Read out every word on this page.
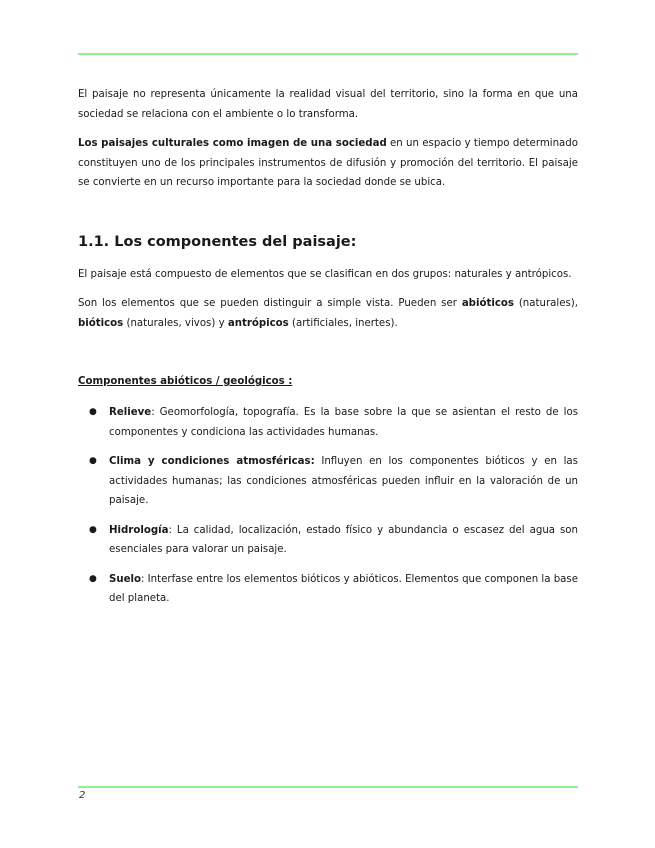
El paisaje no representa únicamente la realidad visual del territorio, sino la forma en que una sociedad se relaciona con el ambiente o lo transforma.

Los paisajes culturales como imagen de una sociedad en un espacio y tiempo determinado constituyen uno de los principales instrumentos de difusión y promoción del territorio. El paisaje se convierte en un recurso importante para la sociedad donde se ubica.

1.1. Los componentes del paisaje:

El paisaje está compuesto de elementos que se clasifican en dos grupos: naturales y antrópicos.

Son los elementos que se pueden distinguir a simple vista. Pueden ser abióticos (naturales), bióticos (naturales, vivos) y antrópicos (artificiales, inertes).

Componentes abióticos / geológicos :
● Relieve: Geomorfología, topografía. Es la base sobre la que se asientan el resto de los componentes y condiciona las actividades humanas.
● Clima y condiciones atmosféricas: Influyen en los componentes bióticos y en las actividades humanas; las condiciones atmosféricas pueden influir en la valoración de un paisaje.
● Hidrología: La calidad, localización, estado físico y abundancia o escasez del agua son esenciales para valorar un paisaje.
● Suelo: Interfase entre los elementos bióticos y abióticos. Elementos que componen la base del planeta.
2
